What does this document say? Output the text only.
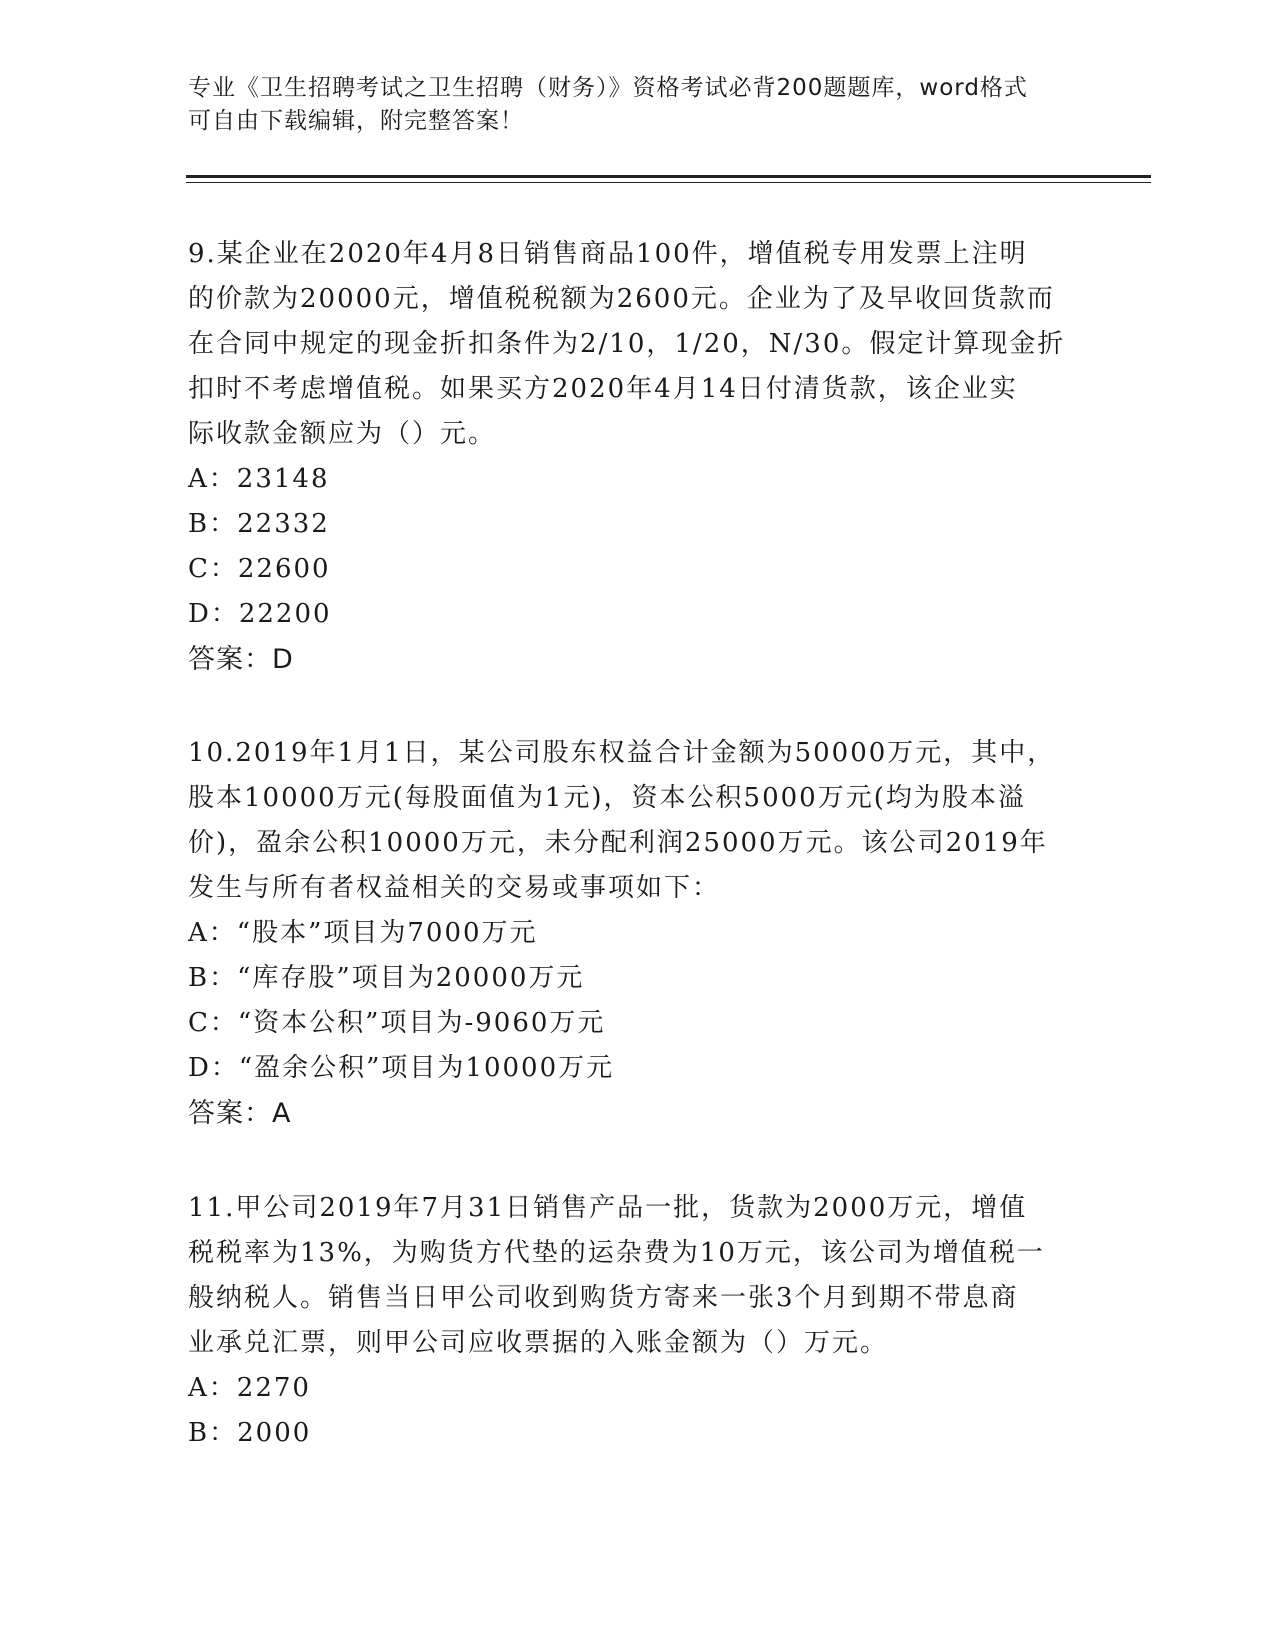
专业《卫生招聘考试之卫生招聘（财务）》资格考试必背200题题库，word格式
可自由下载编辑，附完整答案！
9.某企业在2020年4月8日销售商品100件，增值税专用发票上注明
的价款为20000元，增值税税额为2600元。企业为了及早收回货款而
在合同中规定的现金折扣条件为2/10，1/20，N/30。假定计算现金折
扣时不考虑增值税。如果买方2020年4月14日付清货款，该企业实
际收款金额应为（）元。
A：23148
B：22332
C：22600
D：22200
答案：D
10.2019年1月1日，某公司股东权益合计金额为50000万元，其中，
股本10000万元(每股面值为1元)，资本公积5000万元(均为股本溢
价)，盈余公积10000万元，未分配利润25000万元。该公司2019年
发生与所有者权益相关的交易或事项如下：
A：“股本”项目为7000万元
B：“库存股”项目为20000万元
C：“资本公积”项目为-9060万元
D：“盈余公积”项目为10000万元
答案：A
11.甲公司2019年7月31日销售产品一批，货款为2000万元，增值
税税率为13%，为购货方代垫的运杂费为10万元，该公司为增值税一
般纳税人。销售当日甲公司收到购货方寄来一张3个月到期不带息商
业承兑汇票，则甲公司应收票据的入账金额为（）万元。
A：2270
B：2000
